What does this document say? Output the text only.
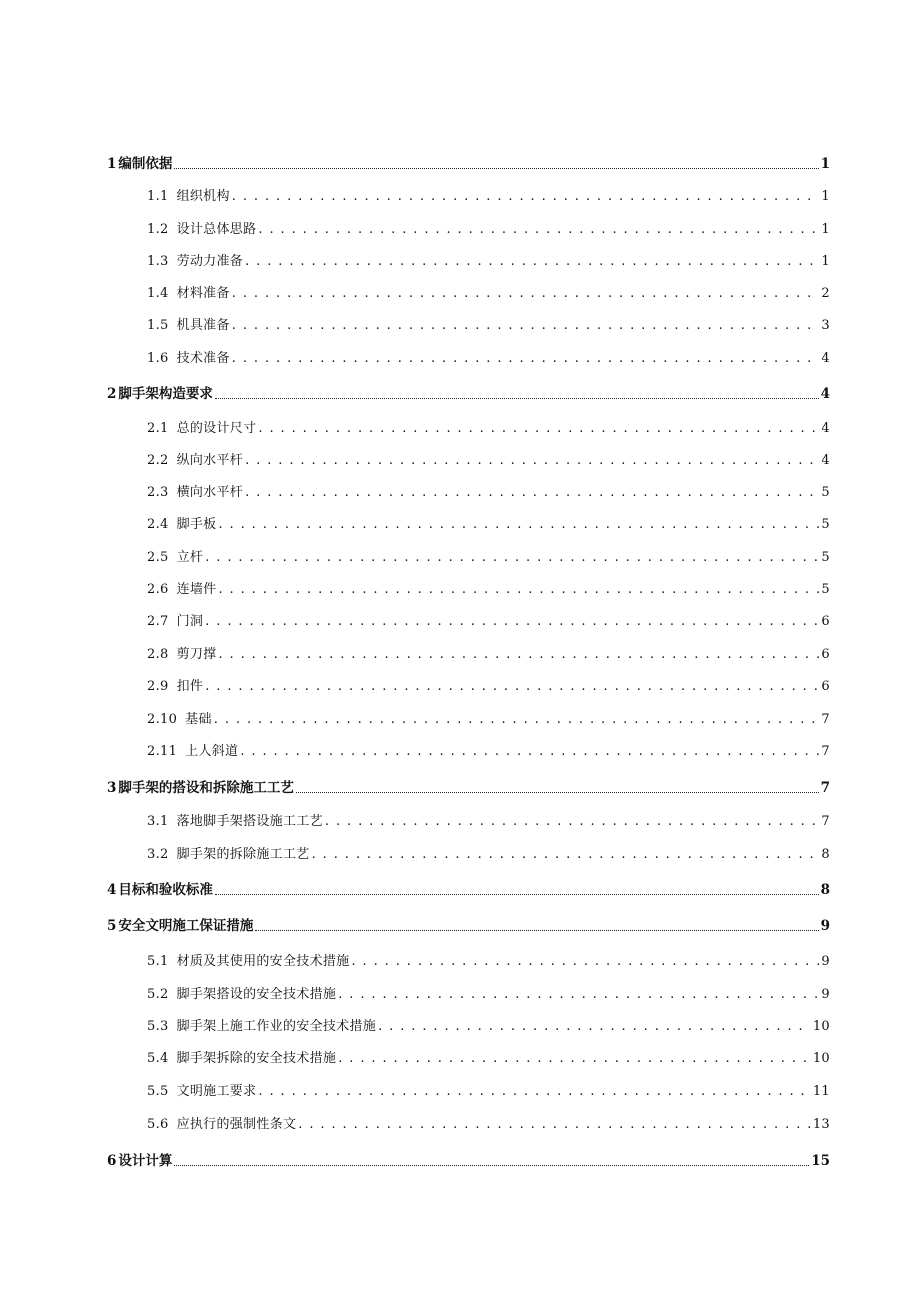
1 编制依据	1
1.1 组织机构 . . .	1
1.2 设计总体思路 . . .	1
1.3 劳动力准备 . . .	1
1.4 材料准备 . . .	2
1.5 机具准备 . . .	3
1.6 技术准备 . . .	4
2 脚手架构造要求	4
2.1 总的设计尺寸 . . .	4
2.2 纵向水平杆 . . .	4
2.3 横向水平杆 . . .	5
2.4 脚手板 . . .	5
2.5 立杆 . . .	5
2.6 连墙件 . . .	5
2.7 门洞 . . .	6
2.8 剪刀撑 . . .	6
2.9 扣件 . . .	6
2.10 基础 . . .	7
2.11 上人斜道 . . .	7
3 脚手架的搭设和拆除施工工艺	7
3.1 落地脚手架搭设施工工艺 . . .	7
3.2 脚手架的拆除施工工艺 . . .	8
4 目标和验收标准	8
5 安全文明施工保证措施	9
5.1 材质及其使用的安全技术措施 . . .	9
5.2 脚手架搭设的安全技术措施 . . .	9
5.3 脚手架上施工作业的安全技术措施 . . .	10
5.4 脚手架拆除的安全技术措施 . . .	10
5.5 文明施工要求 . . .	11
5.6 应执行的强制性条文 . . .	13
6 设计计算	15
